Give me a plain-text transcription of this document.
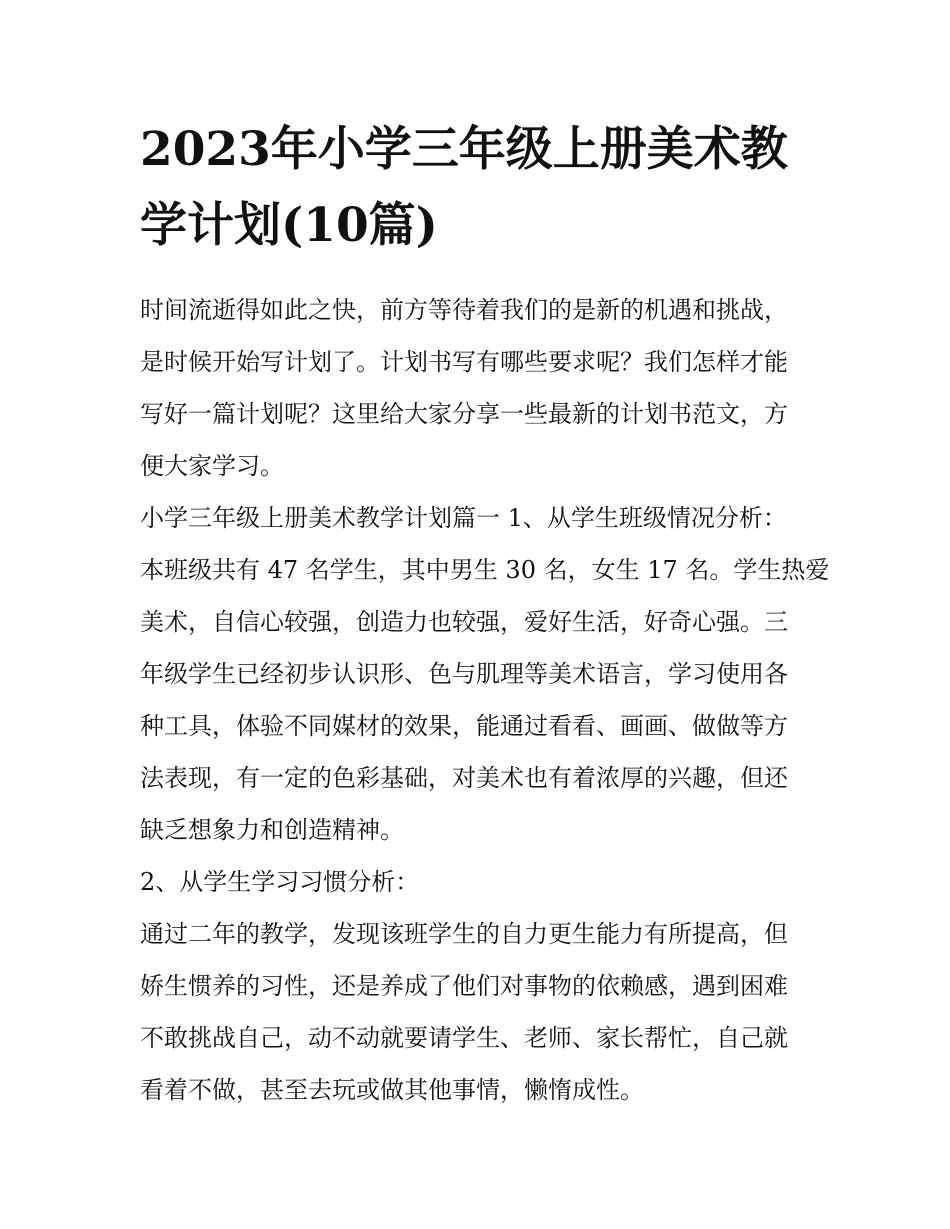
2023年小学三年级上册美术教
学计划(10篇)

时间流逝得如此之快，前方等待着我们的是新的机遇和挑战，
是时候开始写计划了。计划书写有哪些要求呢？我们怎样才能
写好一篇计划呢？这里给大家分享一些最新的计划书范文，方
便大家学习。

小学三年级上册美术教学计划篇一 1、从学生班级情况分析：
本班级共有 47 名学生，其中男生 30 名，女生 17 名。学生热爱
美术，自信心较强，创造力也较强，爱好生活，好奇心强。三
年级学生已经初步认识形、色与肌理等美术语言，学习使用各
种工具，体验不同媒材的效果，能通过看看、画画、做做等方
法表现，有一定的色彩基础，对美术也有着浓厚的兴趣，但还
缺乏想象力和创造精神。

2、从学生学习习惯分析：

通过二年的教学，发现该班学生的自力更生能力有所提高，但
娇生惯养的习性，还是养成了他们对事物的依赖感，遇到困难
不敢挑战自己，动不动就要请学生、老师、家长帮忙，自己就
看着不做，甚至去玩或做其他事情，懒惰成性。
